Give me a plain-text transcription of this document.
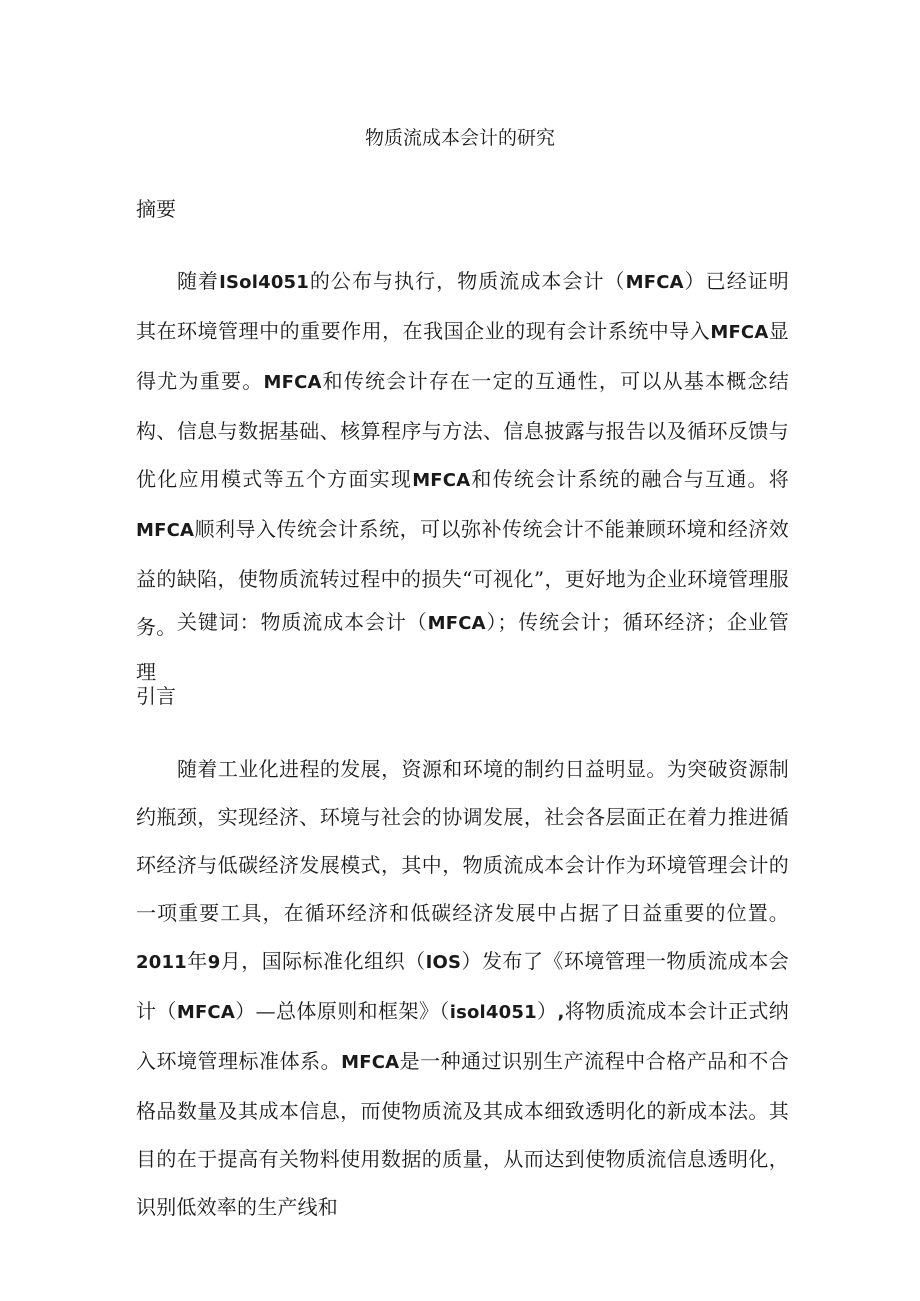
物质流成本会计的研究
摘要
随着ISol4051的公布与执行，物质流成本会计（MFCA）已经证明其在环境管理中的重要作用，在我国企业的现有会计系统中导入MFCA显得尤为重要。MFCA和传统会计存在一定的互通性，可以从基本概念结构、信息与数据基础、核算程序与方法、信息披露与报告以及循环反馈与优化应用模式等五个方面实现MFCA和传统会计系统的融合与互通。将MFCA顺利导入传统会计系统，可以弥补传统会计不能兼顾环境和经济效益的缺陷，使物质流转过程中的损失“可视化”，更好地为企业环境管理服务。 关键词：物质流成本会计（MFCA）；传统会计；循环经济；企业管理
引言
随着工业化进程的发展，资源和环境的制约日益明显。为突破资源制约瓶颈，实现经济、环境与社会的协调发展，社会各层面正在着力推进循环经济与低碳经济发展模式，其中，物质流成本会计作为环境管理会计的一项重要工具，在循环经济和低碳经济发展中占据了日益重要的位置。2011年9月，国际标准化组织（IOS）发布了《环境管理一物质流成本会计（MFCA）—总体原则和框架》（isol4051）,将物质流成本会计正式纳入环境管理标准体系。MFCA是一种通过识别生产流程中合格产品和不合格品数量及其成本信息，而使物质流及其成本细致透明化的新成本法。其目的在于提高有关物料使用数据的质量，从而达到使物质流信息透明化，识别低效率的生产线和
